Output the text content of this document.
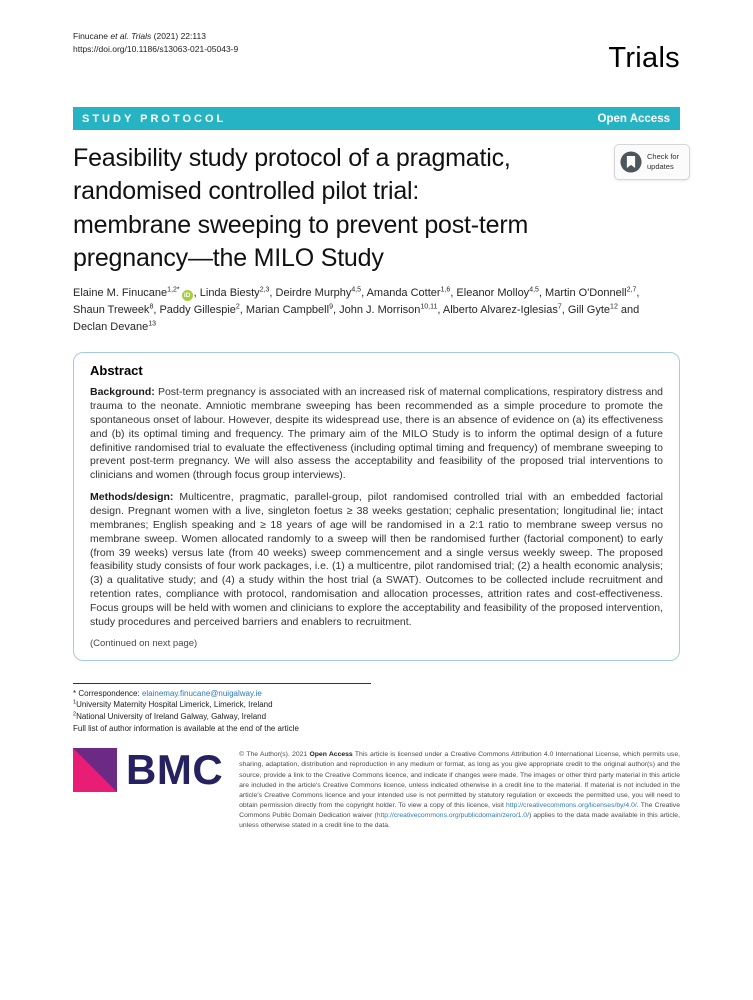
Finucane et al. Trials (2021) 22:113
https://doi.org/10.1186/s13063-021-05043-9	Trials
STUDY PROTOCOL	Open Access
Feasibility study protocol of a pragmatic,
randomised controlled pilot trial:
membrane sweeping to prevent post-term
pregnancy—the MILO Study
Check for
updates

Elaine M. Finucane$^{1,2*}$iD , Linda Biesty$^{2,3}$, Deirdre Murphy$^{4,5}$, Amanda Cotter$^{1,6}$, Eleanor Molloy$^{4,5}$, Martin O'Donnell$^{2,7}$, Shaun Treweek$^8$, Paddy Gillespie$^2$, Marian Campbell$^9$, John J. Morrison$^{10,11}$, Alberto Alvarez-Iglesias$^7$, Gill Gyte$^{12}$ and Declan Devane$^{13}$

Abstract

Background: Post-term pregnancy is associated with an increased risk of maternal complications, respiratory distress and trauma to the neonate. Amniotic membrane sweeping has been recommended as a simple procedure to promote the spontaneous onset of labour. However, despite its widespread use, there is an absence of evidence on (a) its effectiveness and (b) its optimal timing and frequency. The primary aim of the MILO Study is to inform the optimal design of a future definitive randomised trial to evaluate the effectiveness (including optimal timing and frequency) of membrane sweeping to prevent post-term pregnancy. We will also assess the acceptability and feasibility of the proposed trial interventions to clinicians and women (through focus group interviews).

Methods/design: Multicentre, pragmatic, parallel-group, pilot randomised controlled trial with an embedded factorial design. Pregnant women with a live, singleton foetus ≥ 38 weeks gestation; cephalic presentation; longitudinal lie; intact membranes; English speaking and ≥ 18 years of age will be randomised in a 2:1 ratio to membrane sweep versus no membrane sweep. Women allocated randomly to a sweep will then be randomised further (factorial component) to early (from 39 weeks) versus late (from 40 weeks) sweep commencement and a single versus weekly sweep. The proposed feasibility study consists of four work packages, i.e. (1) a multicentre, pilot randomised trial; (2) a health economic analysis; (3) a qualitative study; and (4) a study within the host trial (a SWAT). Outcomes to be collected include recruitment and retention rates, compliance with protocol, randomisation and allocation processes, attrition rates and cost-effectiveness. Focus groups will be held with women and clinicians to explore the acceptability and feasibility of the proposed intervention, study procedures and perceived barriers and enablers to recruitment.

(Continued on next page)

* Correspondence: elainemay.finucane@nuigalway.ie

$^1$University Maternity Hospital Limerick, Limerick, Ireland

$^2$National University of Ireland Galway, Galway, Ireland

Full list of author information is available at the end of the article

BMC © The Author(s). 2021 Open Access This article is licensed under a Creative Commons Attribution 4.0 International License, which permits use, sharing, adaptation, distribution and reproduction in any medium or format, as long as you give appropriate credit to the original author(s) and the source, provide a link to the Creative Commons licence, and indicate if changes were made. The images or other third party material in this article are included in the article's Creative Commons licence, unless indicated otherwise in a credit line to the material. If material is not included in the article's Creative Commons licence and your intended use is not permitted by statutory regulation or exceeds the permitted use, you will need to obtain permission directly from the copyright holder. To view a copy of this licence, visit http://creativecommons.org/licenses/by/4.0/. The Creative Commons Public Domain Dedication waiver (http://creativecommons.org/publicdomain/zero/1.0/) applies to the data made available in this article, unless otherwise stated in a credit line to the data.
